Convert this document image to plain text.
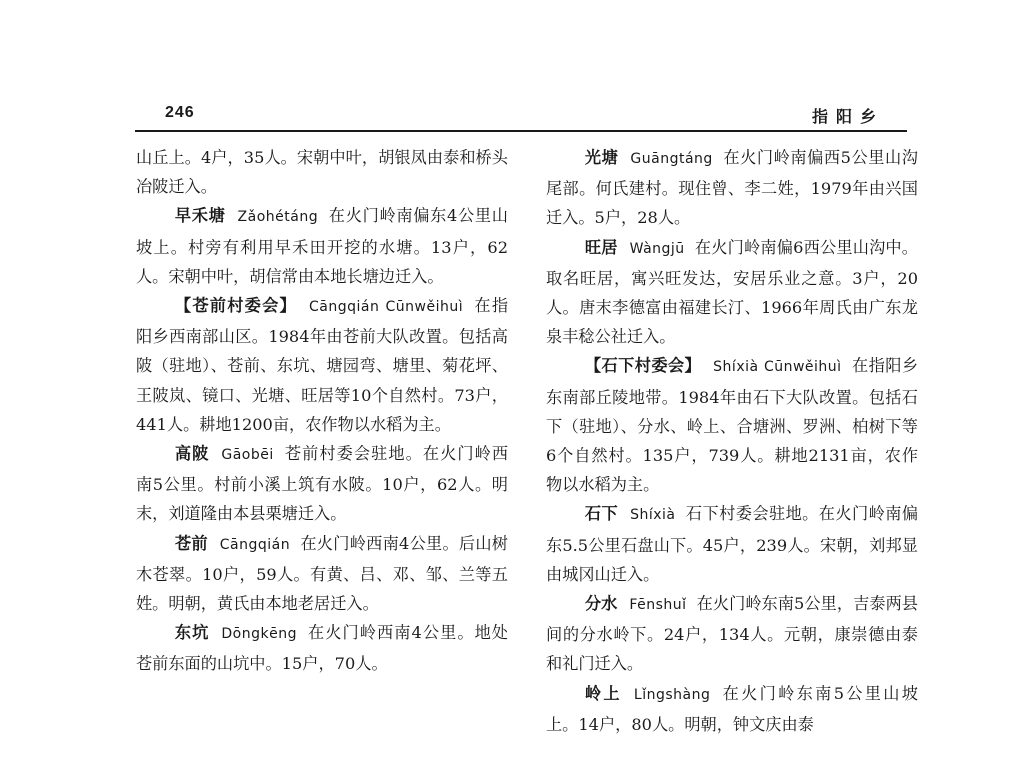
246	指阳乡

山丘上。4户，35人。宋朝中叶，胡银凤由泰和桥头冶陂迁入。

早禾塘 Zǎohétáng 在火门岭南偏东4公里山坡上。村旁有利用早禾田开挖的水塘。13户，62人。宋朝中叶，胡信常由本地长塘边迁入。

【苍前村委会】 Cāngqián Cūnwěihuì 在指阳乡西南部山区。1984年由苍前大队改置。包括高陂（驻地）、苍前、东坑、塘园弯、塘里、菊花坪、王陂岚、镜口、光塘、旺居等10个自然村。73户，441人。耕地1200亩，农作物以水稻为主。

高陂 Gāobēi 苍前村委会驻地。在火门岭西南5公里。村前小溪上筑有水陂。10户，62人。明末，刘道隆由本县栗塘迁入。

苍前 Cāngqián 在火门岭西南4公里。后山树木苍翠。10户，59人。有黄、吕、邓、邹、兰等五姓。明朝，黄氏由本地老居迁入。

东坑 Dōngkēng 在火门岭西南4公里。地处苍前东面的山坑中。15户，70人。

光塘 Guāngtáng 在火门岭南偏西5公里山沟尾部。何氏建村。现住曾、李二姓，1979年由兴国迁入。5户，28人。

旺居 Wàngjū 在火门岭南偏6西公里山沟中。取名旺居，寓兴旺发达，安居乐业之意。3户，20人。唐末李德富由福建长汀、1966年周氏由广东龙泉丰稔公社迁入。

【石下村委会】 Shíxià Cūnwěihuì 在指阳乡东南部丘陵地带。1984年由石下大队改置。包括石下（驻地）、分水、岭上、合塘洲、罗洲、柏树下等6个自然村。135户，739人。耕地2131亩，农作物以水稻为主。

石下 Shíxià 石下村委会驻地。在火门岭南偏东5.5公里石盘山下。45户，239人。宋朝，刘邦显由城冈山迁入。

分水 Fēnshuǐ 在火门岭东南5公里，吉泰两县间的分水岭下。24户，134人。元朝，康崇德由泰和礼门迁入。

岭上 Lǐngshàng 在火门岭东南5公里山坡上。14户，80人。明朝，钟文庆由泰
